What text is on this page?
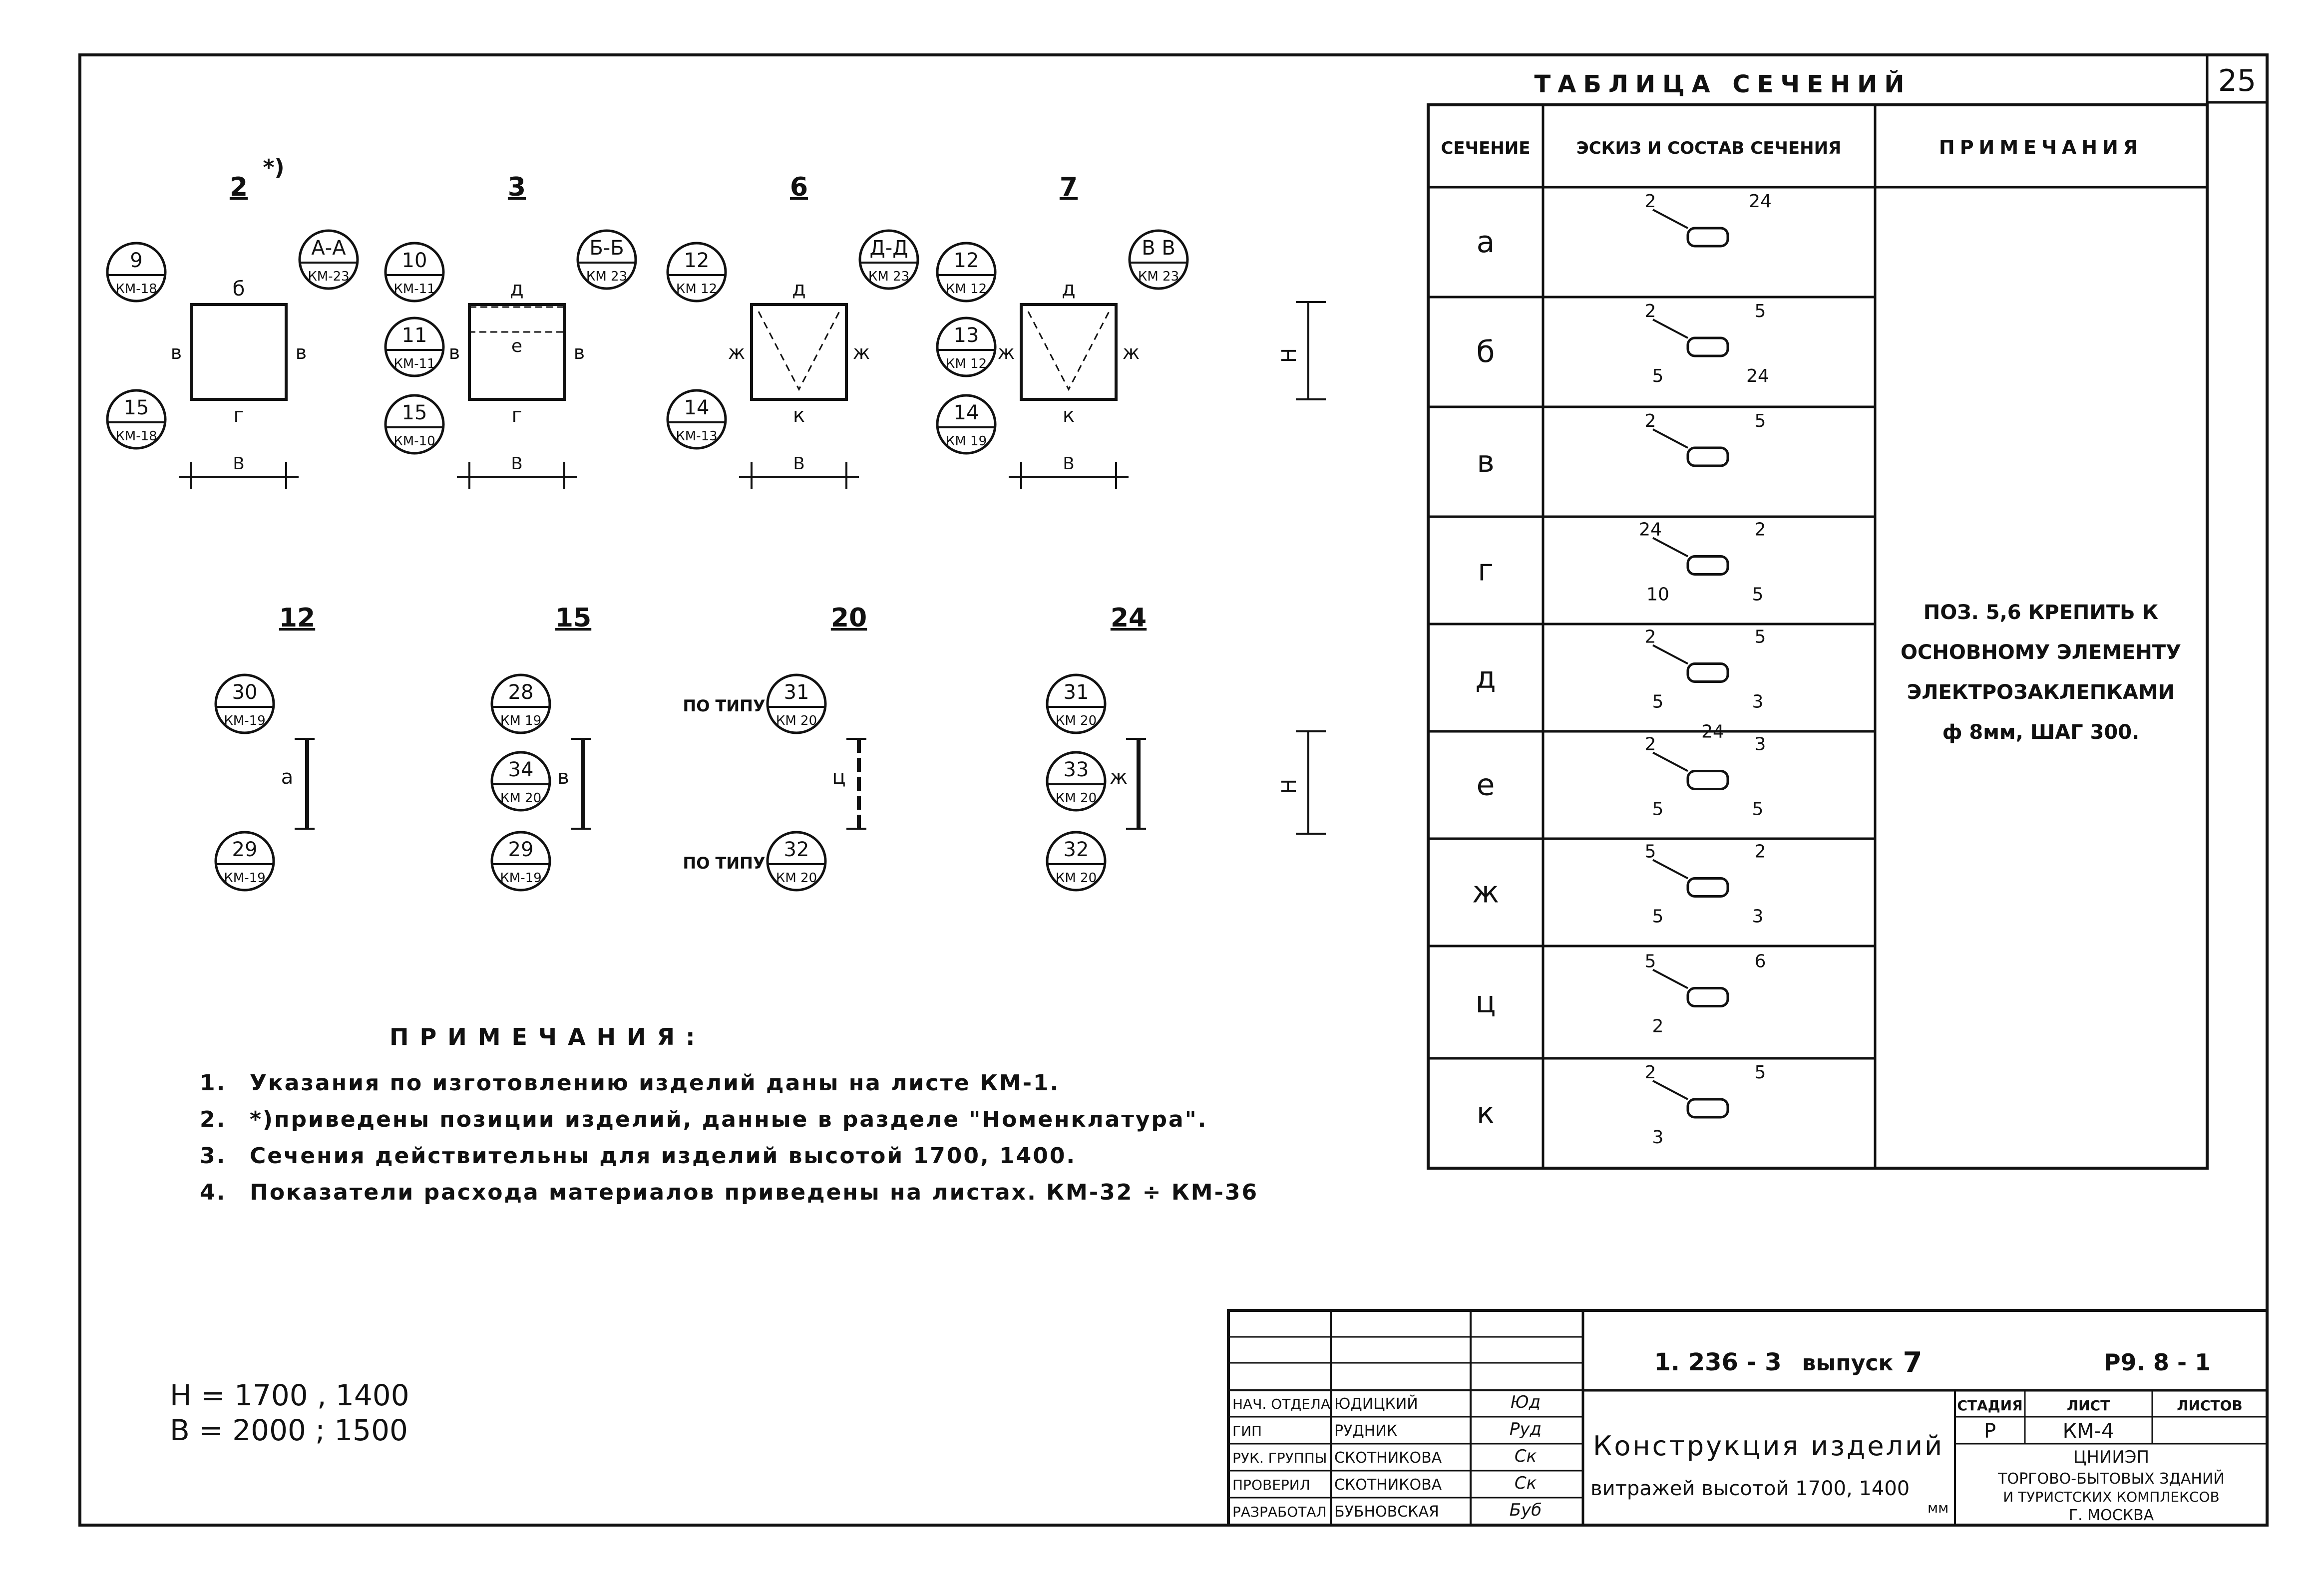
25
ТАБЛИЦА СЕЧЕНИЙ
СЕЧЕНИЕ	ЭСКИЗ И СОСТАВ СЕЧЕНИЯ	ПРИМЕЧАНИЯ
а
2	24
б
2	5
5	24
в
2	5
г
24	2
10	5
д
2	5
5	3
е
2	3
5	5
24
ж
5	2
5	3
ц
5	6
2
к
2	5
3
ПОЗ. 5,6 КРЕПИТЬ К
ОСНОВНОМУ ЭЛЕМЕНТУ
ЭЛЕКТРОЗАКЛЕПКАМИ
ф 8мм, ШАГ 300.
2
*)
б
г
в	в
В
9
КМ-18
15
КМ-18
А-А
КМ-23
3
е
д
г
в	в
В
10
КМ-11
11
КМ-11
15
КМ-10
Б-Б
КМ 23
6
д
к
ж	ж
В
12
КМ 12
14
КМ-13
Д-Д
КМ 23
7
д
к
ж	ж
В
12
КМ 12
13
КМ 12
14
КМ 19
В В
КМ 23
Н
12
а
30
КМ-19
29
КМ-19
15
в
28
КМ 19
34
КМ 20
29
КМ-19
20
ц
31
КМ 20
ПО ТИПУ
32
КМ 20
ПО ТИПУ
24
ж
31
КМ 20
33
КМ 20
32
КМ 20
Н
1. 236 - 3 выпуск 7	Р9. 8 - 1
Конструкция изделий
витражей высотой 1700, 1400
мм
СТАДИЯ	ЛИСТ	ЛИСТОВ
Р	КМ-4
ЦНИИЭП
ТОРГОВО-БЫТОВЫХ ЗДАНИЙ
И ТУРИСТСКИХ КОМПЛЕКСОВ
Г. МОСКВА
НАЧ. ОТДЕЛА ЮДИЦКИЙ	Юд
ГИП	РУДНИК	Руд
РУК. ГРУППЫ СКОТНИКОВА	Ск
ПРОВЕРИЛ СКОТНИКОВА	Ск
РАЗРАБОТАЛ БУБНОВСКАЯ	Буб
ПРИМЕЧАНИЯ:
1. Указания по изготовлению изделий даны на листе КМ-1.
2. *)приведены позиции изделий, данные в разделе "Номенклатура".
3. Сечения действительны для изделий высотой 1700, 1400.
4. Показатели расхода материалов приведены на листах. КМ-32 ÷ КМ-36
Н = 1700 , 1400
В = 2000 ; 1500
